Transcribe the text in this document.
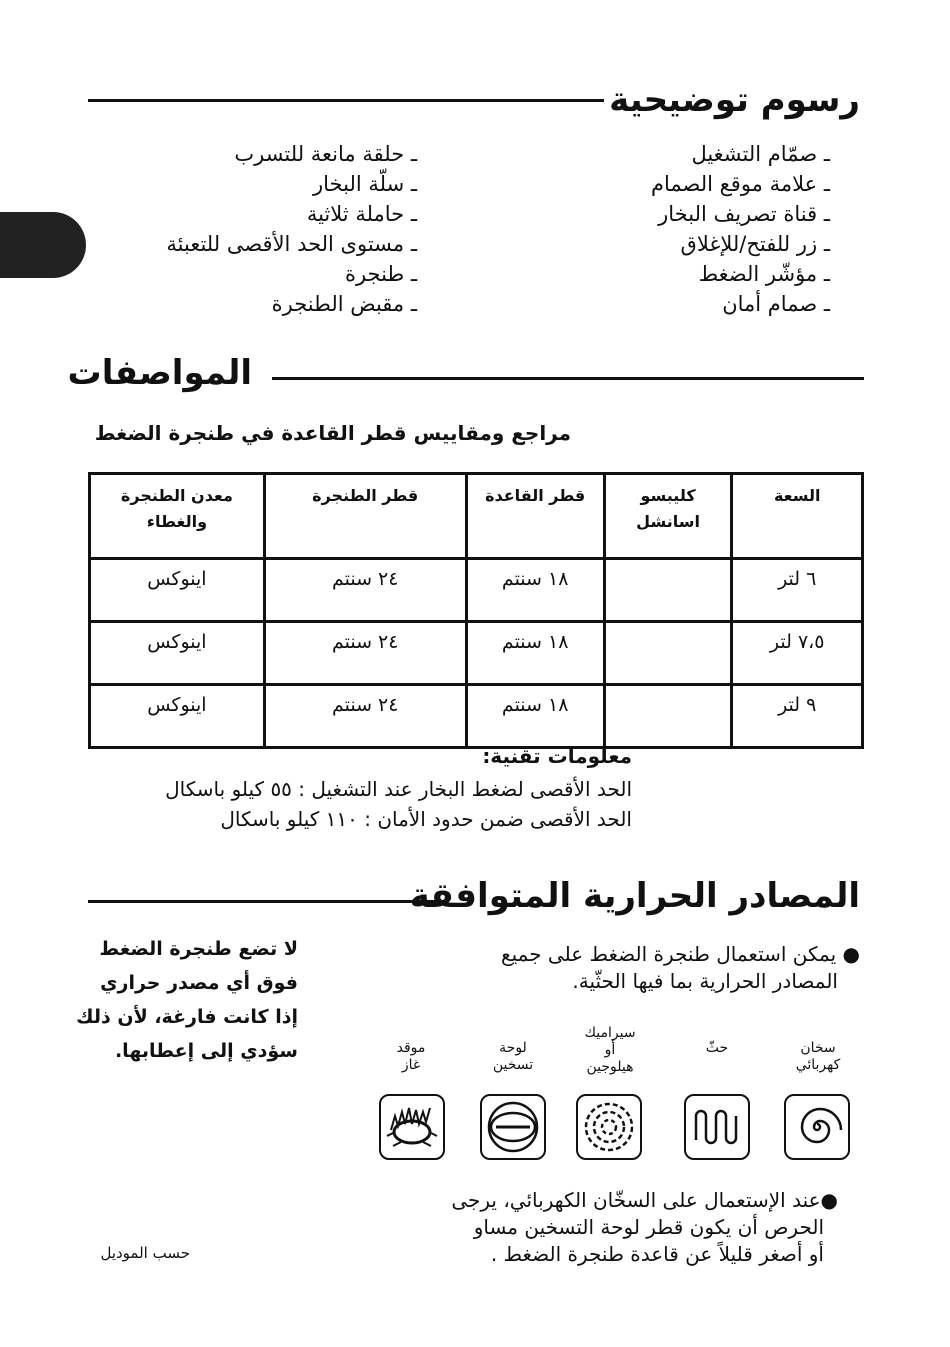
رسوم توضيحية
ـ صمّام التشغيل
ـ علامة موقع الصمام
ـ قناة تصريف البخار
ـ زر للفتح/للإغلاق
ـ مؤشّر الضغط
ـ صمام أمان
ـ حلقة مانعة للتسرب
ـ سلّة البخار
ـ حاملة ثلاثية
ـ مستوى الحد الأقصى للتعبئة
ـ طنجرة
ـ مقبض الطنجرة
المواصفات
مراجع ومقاييس قطر القاعدة في طنجرة الضغط
السعة	كليبسو اسانشل	قطر القاعدة	قطر الطنجرة	معدن الطنجرة والغطاء
٦ لتر		١٨ سنتم	٢٤ سنتم	اينوكس
٧،٥ لتر		١٨ سنتم	٢٤ سنتم	اينوكس
٩ لتر		١٨ سنتم	٢٤ سنتم	اينوكس
معلومات تقنية:
الحد الأقصى لضغط البخار عند التشغيل : ٥٥ كيلو باسكال
الحد الأقصى ضمن حدود الأمان : ١١٠ كيلو باسكال
المصادر الحرارية المتوافقة
● يمكن استعمال طنجرة الضغط على جميع
المصادر الحرارية بما فيها الحثّية.
لا تضع طنجرة الضغط
فوق أي مصدر حراري
إذا كانت فارغة، لأن ذلك
سؤدي إلى إعطابها.	سخان
كهربائي
حثّ
سيراميك
أو
هيلوجين
لوحة
تسخين
موقد
غاز
●عند الإستعمال على السخّان الكهربائي، يرجى
الحرص أن يكون قطر لوحة التسخين مساو
أو أصغر قليلاً عن قاعدة طنجرة الضغط .
حسب الموديل
